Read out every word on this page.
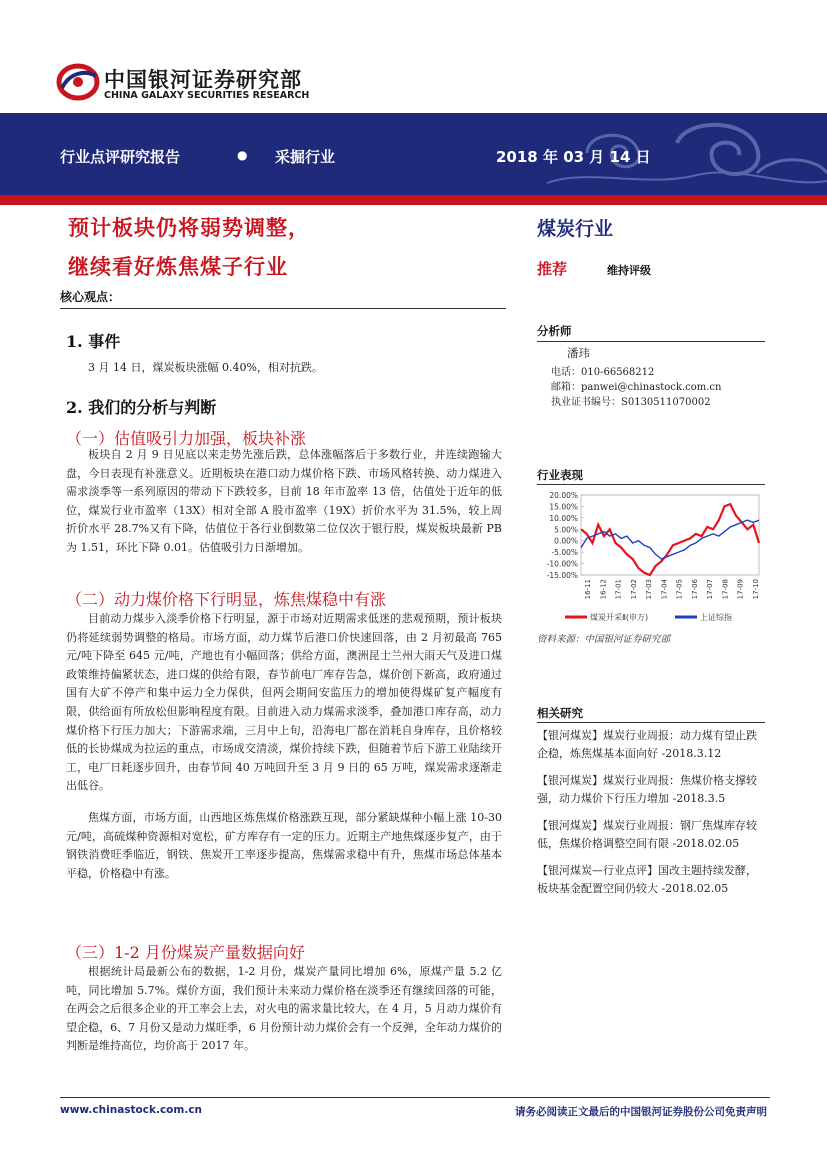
中国银河证券研究部
CHINA GALAXY SECURITIES RESEARCH
行业点评研究报告	● 采掘行业	2018 年 03 月 14 日
预计板块仍将弱势调整，
继续看好炼焦煤子行业
核心观点：
1. 事件

3 月 14 日，煤炭板块涨幅 0.40%，相对抗跌。

2. 我们的分析与判断
（一）估值吸引力加强，板块补涨

板块自 2 月 9 日见底以来走势先涨后跌，总体涨幅落后于多数行业，并连续跑输大盘，今日表现有补涨意义。近期板块在港口动力煤价格下跌、市场风格转换、动力煤进入需求淡季等一系列原因的带动下下跌较多，目前 18 年市盈率 13 倍，估值处于近年的低位，煤炭行业市盈率（13X）相对全部 A 股市盈率（19X）折价水平为 31.5%，较上周折价水平 28.7%又有下降，估值位于各行业倒数第二位仅次于银行股，煤炭板块最新 PB 为 1.51，环比下降 0.01。估值吸引力日渐增加。

（二）动力煤价格下行明显，炼焦煤稳中有涨

目前动力煤步入淡季价格下行明显，源于市场对近期需求低迷的悲观预期，预计板块仍将延续弱势调整的格局。市场方面，动力煤节后港口价快速回落，由 2 月初最高 765 元/吨下降至 645 元/吨，产地也有小幅回落；供给方面，澳洲昆士兰州大雨天气及进口煤政策维持偏紧状态，进口煤的供给有限，春节前电厂库存告急，煤价创下新高，政府通过国有大矿不停产和集中运力全力保供，但两会期间安监压力的增加使得煤矿复产幅度有限，供给面有所放松但影响程度有限。目前进入动力煤需求淡季，叠加港口库存高，动力煤价格下行压力加大；下游需求端，三月中上旬，沿海电厂都在消耗自身库存，且价格较低的长协煤成为拉运的重点，市场成交清淡，煤价持续下跌，但随着节后下游工业陆续开工，电厂日耗逐步回升，由春节间 40 万吨回升至 3 月 9 日的 65 万吨，煤炭需求逐渐走出低谷。

焦煤方面，市场方面，山西地区炼焦煤价格涨跌互现，部分紧缺煤种小幅上涨 10-30 元/吨，高硫煤种资源相对宽松，矿方库存有一定的压力。近期主产地焦煤逐步复产，由于钢铁消费旺季临近，钢铁、焦炭开工率逐步提高，焦煤需求稳中有升，焦煤市场总体基本平稳，价格稳中有涨。

（三）1-2 月份煤炭产量数据向好

根据统计局最新公布的数据，1-2 月份，煤炭产量同比增加 6%，原煤产量 5.2 亿吨，同比增加 5.7%。煤价方面，我们预计未来动力煤价格在淡季还有继续回落的可能，在两会之后很多企业的开工率会上去，对火电的需求量比较大，在 4 月，5 月动力煤价有望企稳，6、7 月份又是动力煤旺季，6 月份预计动力煤价会有一个反弹，全年动力煤价的判断是维持高位，均价高于 2017 年。

煤炭行业
推荐	维持评级
分析师
潘玮
电话：010-66568212
邮箱：panwei@chinastock.com.cn
执业证书编号：S0130511070002
行业表现
20.00%
15.00%
10.00%
5.00%
0.00%
-5.00%
-10.00%
-15.00%
16-11 16-12 17-01 17-02 17-03 17-04 17-05 17-06 17-07 17-08 17-09 17-10
煤炭开采Ⅱ(申万)	上证综指
资料来源：中国银河证券研究部
相关研究

【银河煤炭】煤炭行业周报：动力煤有望止跌企稳，炼焦煤基本面向好 -2018.3.12

【银河煤炭】煤炭行业周报：焦煤价格支撑较强，动力煤价下行压力增加 -2018.3.5

【银河煤炭】煤炭行业周报：钢厂焦煤库存较低，焦煤价格调整空间有限 -2018.02.05

【银河煤炭—行业点评】国改主题持续发酵，板块基金配置空间仍较大 -2018.02.05

www.chinastock.com.cn	请务必阅读正文最后的中国银河证券股份公司免责声明
